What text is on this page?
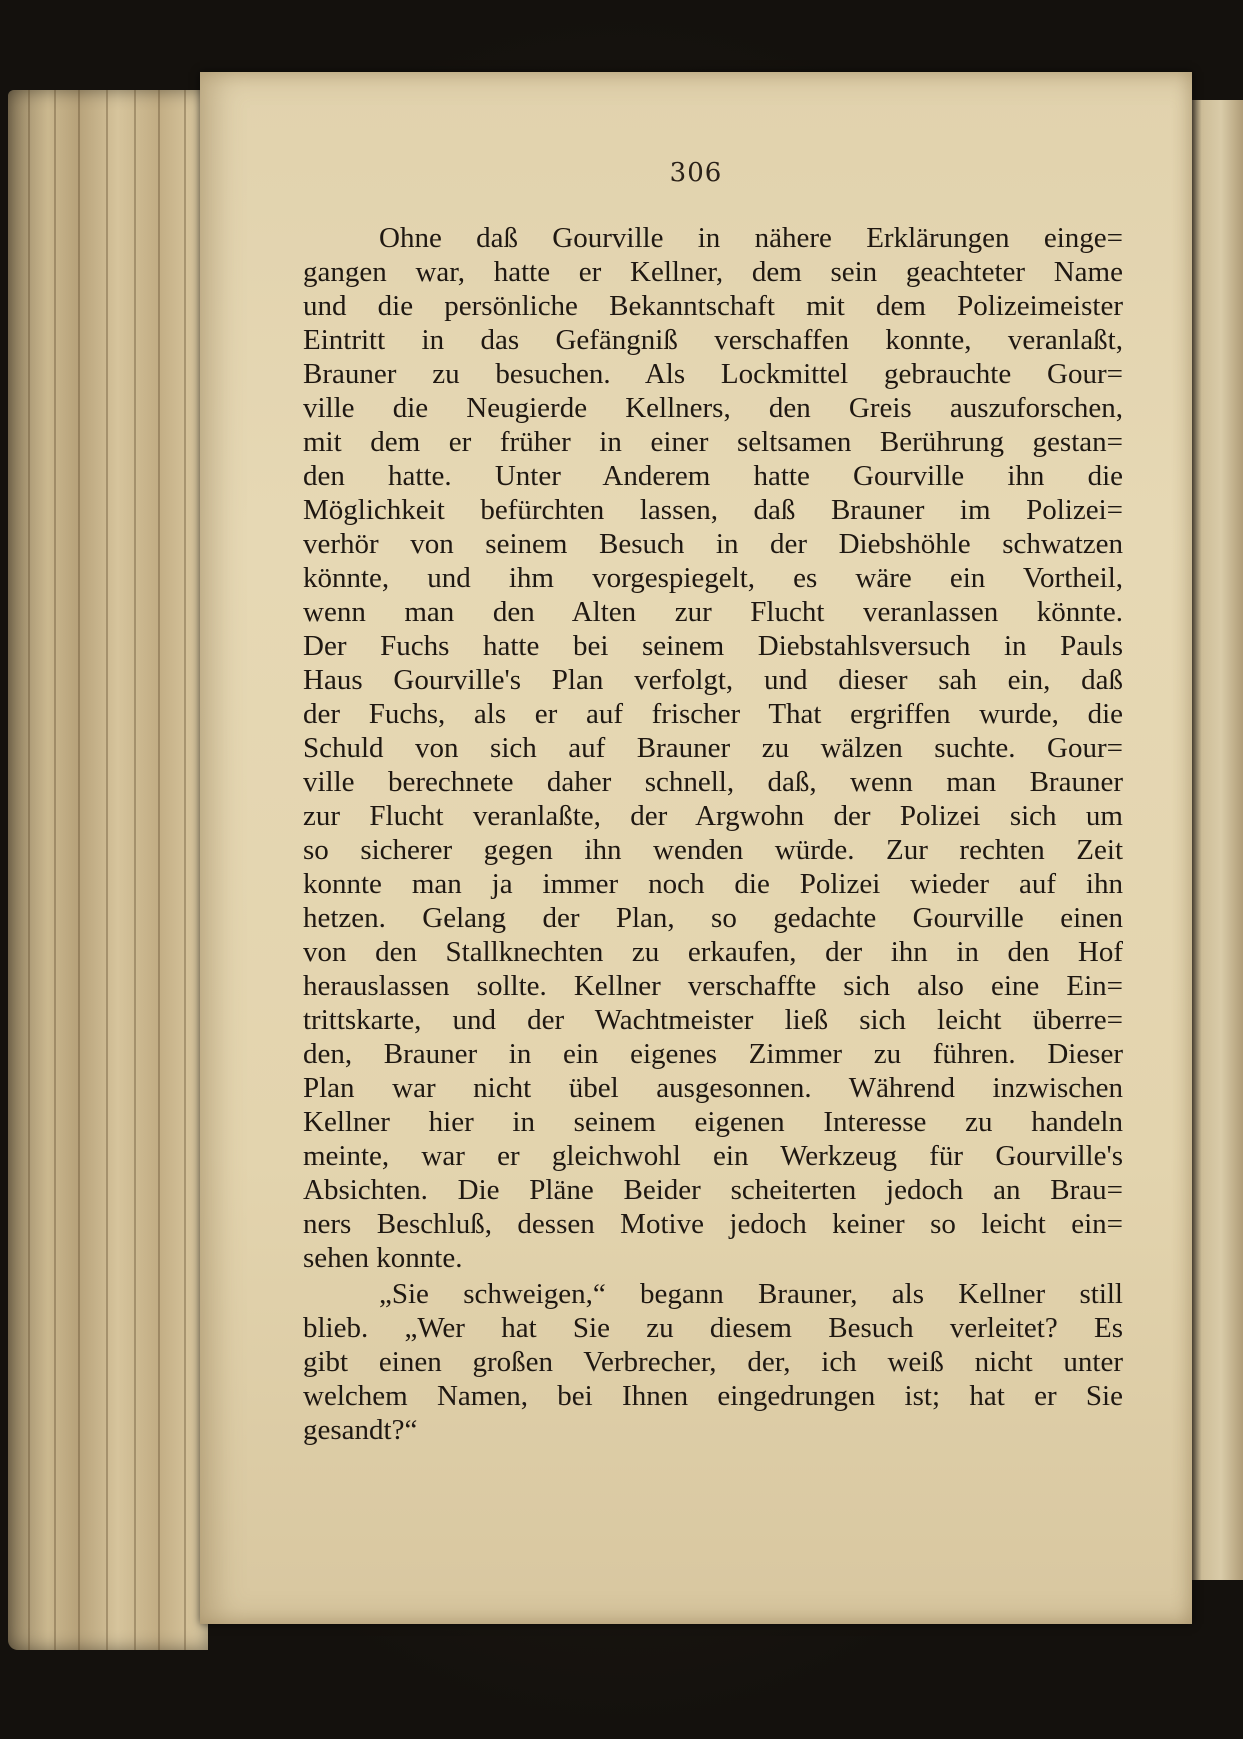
306
Ohne daß Gourville in nähere Erklärungen einge=
gangen war, hatte er Kellner, dem sein geachteter Name
und die persönliche Bekanntschaft mit dem Polizeimeister
Eintritt in das Gefängniß verschaffen konnte, veranlaßt,
Brauner zu besuchen. Als Lockmittel gebrauchte Gour=
ville die Neugierde Kellners, den Greis auszuforschen,
mit dem er früher in einer seltsamen Berührung gestan=
den hatte. Unter Anderem hatte Gourville ihn die
Möglichkeit befürchten lassen, daß Brauner im Polizei=
verhör von seinem Besuch in der Diebshöhle schwatzen
könnte, und ihm vorgespiegelt, es wäre ein Vortheil,
wenn man den Alten zur Flucht veranlassen könnte.
Der Fuchs hatte bei seinem Diebstahlsversuch in Pauls
Haus Gourville's Plan verfolgt, und dieser sah ein, daß
der Fuchs, als er auf frischer That ergriffen wurde, die
Schuld von sich auf Brauner zu wälzen suchte. Gour=
ville berechnete daher schnell, daß, wenn man Brauner
zur Flucht veranlaßte, der Argwohn der Polizei sich um
so sicherer gegen ihn wenden würde. Zur rechten Zeit
konnte man ja immer noch die Polizei wieder auf ihn
hetzen. Gelang der Plan, so gedachte Gourville einen
von den Stallknechten zu erkaufen, der ihn in den Hof
herauslassen sollte. Kellner verschaffte sich also eine Ein=
trittskarte, und der Wachtmeister ließ sich leicht überre=
den, Brauner in ein eigenes Zimmer zu führen. Dieser
Plan war nicht übel ausgesonnen. Während inzwischen
Kellner hier in seinem eigenen Interesse zu handeln
meinte, war er gleichwohl ein Werkzeug für Gourville's
Absichten. Die Pläne Beider scheiterten jedoch an Brau=
ners Beschluß, dessen Motive jedoch keiner so leicht ein=
sehen konnte.
„Sie schweigen,“ begann Brauner, als Kellner still
blieb. „Wer hat Sie zu diesem Besuch verleitet? Es
gibt einen großen Verbrecher, der, ich weiß nicht unter
welchem Namen, bei Ihnen eingedrungen ist; hat er Sie
gesandt?“
